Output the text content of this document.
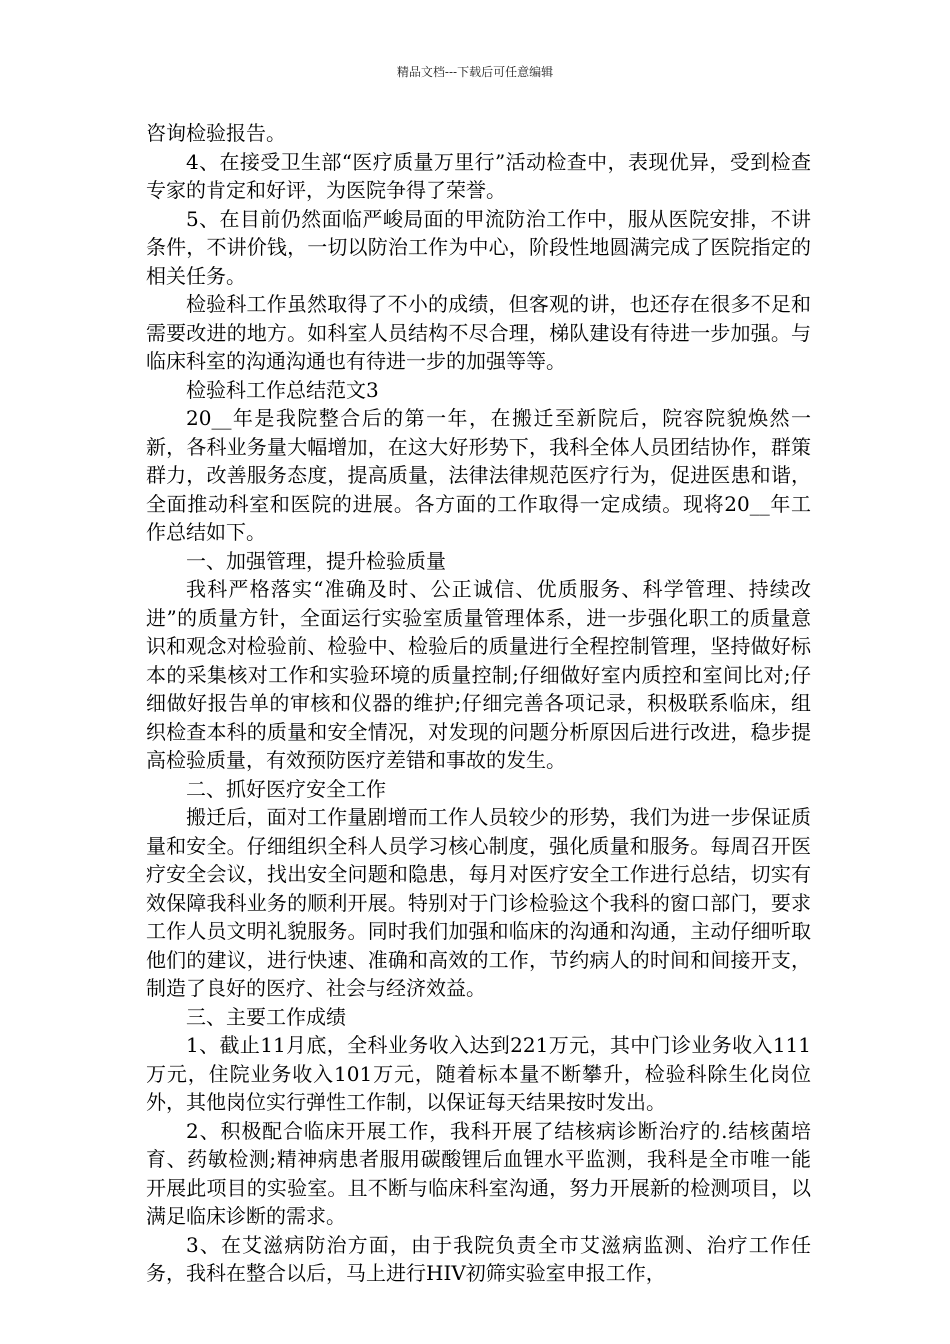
精品文档---下载后可任意编辑

咨询检验报告。

4、在接受卫生部“医疗质量万里行”活动检查中，表现优异，受到检查专家的肯定和好评，为医院争得了荣誉。

5、在目前仍然面临严峻局面的甲流防治工作中，服从医院安排，不讲条件，不讲价钱，一切以防治工作为中心，阶段性地圆满完成了医院指定的相关任务。

检验科工作虽然取得了不小的成绩，但客观的讲，也还存在很多不足和需要改进的地方。如科室人员结构不尽合理，梯队建设有待进一步加强。与临床科室的沟通沟通也有待进一步的加强等等。

检验科工作总结范文3

20__年是我院整合后的第一年，在搬迁至新院后，院容院貌焕然一新，各科业务量大幅增加，在这大好形势下，我科全体人员团结协作，群策群力，改善服务态度，提高质量，法律法律规范医疗行为，促进医患和谐，全面推动科室和医院的进展。各方面的工作取得一定成绩。现将20__年工作总结如下。

一、加强管理，提升检验质量

我科严格落实“准确及时、公正诚信、优质服务、科学管理、持续改进”的质量方针，全面运行实验室质量管理体系，进一步强化职工的质量意识和观念对检验前、检验中、检验后的质量进行全程控制管理，坚持做好标本的采集核对工作和实验环境的质量控制;仔细做好室内质控和室间比对;仔细做好报告单的审核和仪器的维护;仔细完善各项记录，积极联系临床，组织检查本科的质量和安全情况，对发现的问题分析原因后进行改进，稳步提高检验质量，有效预防医疗差错和事故的发生。

二、抓好医疗安全工作

搬迁后，面对工作量剧增而工作人员较少的形势，我们为进一步保证质量和安全。仔细组织全科人员学习核心制度，强化质量和服务。每周召开医疗安全会议，找出安全问题和隐患，每月对医疗安全工作进行总结，切实有效保障我科业务的顺利开展。特别对于门诊检验这个我科的窗口部门，要求工作人员文明礼貌服务。同时我们加强和临床的沟通和沟通，主动仔细听取他们的建议，进行快速、准确和高效的工作，节约病人的时间和间接开支，制造了良好的医疗、社会与经济效益。

三、主要工作成绩

1、截止11月底，全科业务收入达到221万元，其中门诊业务收入111万元，住院业务收入101万元，随着标本量不断攀升，检验科除生化岗位外，其他岗位实行弹性工作制，以保证每天结果按时发出。

2、积极配合临床开展工作，我科开展了结核病诊断治疗的.结核菌培育、药敏检测;精神病患者服用碳酸锂后血锂水平监测，我科是全市唯一能开展此项目的实验室。且不断与临床科室沟通，努力开展新的检测项目，以满足临床诊断的需求。

3、在艾滋病防治方面，由于我院负责全市艾滋病监测、治疗工作任务，我科在整合以后，马上进行HIV初筛实验室申报工作，
